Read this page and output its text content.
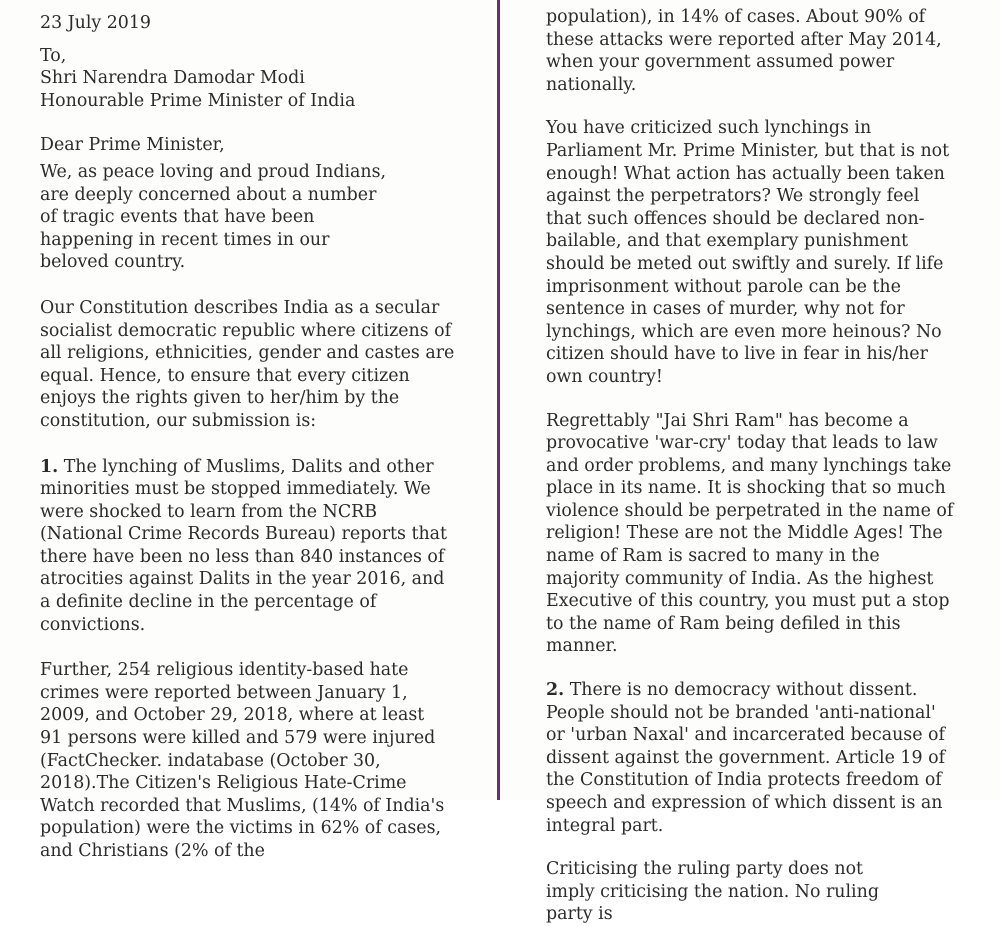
23 July 2019

To,
Shri Narendra Damodar Modi
Honourable Prime Minister of India

Dear Prime Minister,

We, as peace loving and proud Indians, are deeply concerned about a number of tragic events that have been happening in recent times in our beloved country.

Our Constitution describes India as a secular socialist democratic republic where citizens of all religions, ethnicities, gender and castes are equal. Hence, to ensure that every citizen enjoys the rights given to her/him by the constitution, our submission is:

1. The lynching of Muslims, Dalits and other minorities must be stopped immediately. We were shocked to learn from the NCRB (National Crime Records Bureau) reports that there have been no less than 840 instances of atrocities against Dalits in the year 2016, and a definite decline in the percentage of convictions.

Further, 254 religious identity-based hate crimes were reported between January 1, 2009, and October 29, 2018, where at least 91 persons were killed and 579 were injured (FactChecker. indatabase (October 30, 2018).The Citizen's Religious Hate-Crime Watch recorded that Muslims, (14% of India's population) were the victims in 62% of cases, and Christians (2% of the

population), in 14% of cases. About 90% of these attacks were reported after May 2014, when your government assumed power nationally.

You have criticized such lynchings in Parliament Mr. Prime Minister, but that is not enough! What action has actually been taken against the perpetrators? We strongly feel that such offences should be declared non-bailable, and that exemplary punishment should be meted out swiftly and surely. If life imprisonment without parole can be the sentence in cases of murder, why not for lynchings, which are even more heinous? No citizen should have to live in fear in his/her own country!

Regrettably "Jai Shri Ram" has become a provocative 'war-cry' today that leads to law and order problems, and many lynchings take place in its name. It is shocking that so much violence should be perpetrated in the name of religion! These are not the Middle Ages! The name of Ram is sacred to many in the majority community of India. As the highest Executive of this country, you must put a stop to the name of Ram being defiled in this manner.

2. There is no democracy without dissent. People should not be branded 'anti-national' or 'urban Naxal' and incarcerated because of dissent against the government. Article 19 of the Constitution of India protects freedom of speech and expression of which dissent is an integral part.

Criticising the ruling party does not imply criticising the nation. No ruling party is
